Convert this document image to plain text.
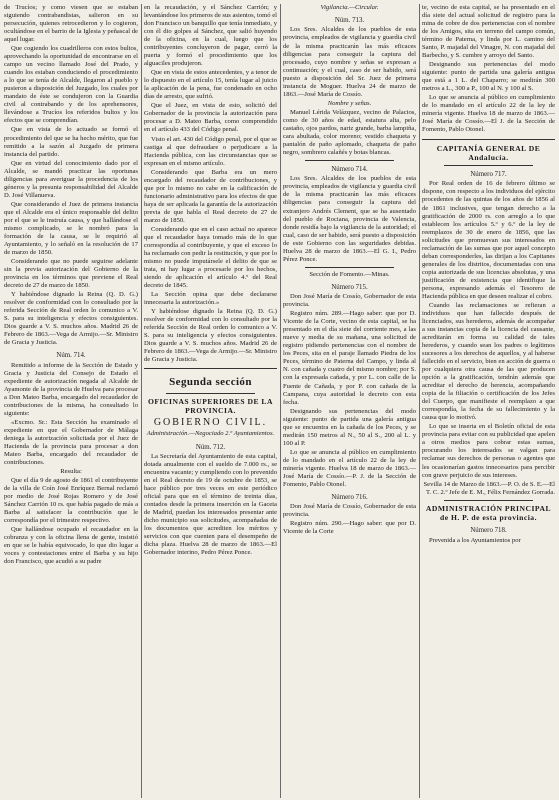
de Trucíos; y como viesen que se estaban siguiendo contrabandistas, salieron en su persecución, quienes retrocedieron y lo cogieron, ocultándose en el barrio de la Iglesia y peñascal de aquel lugar.

Que cogiendo los cuadrilleros con estos bultos, aprovechando la oportunidad de encontrarse en el campo un vecino llamado José del Prado, y cuando los estaban conduciendo el procedimiento a lo que se tenía de Alcalde, llegaron al pueblo y pusieron a disposición del Juzgado, los cuales por mandato de éste se condujeron con la Guardia civil al contrabando y de los aprehensores, llevándose a Trucíos los referidos bultos y los efectos que se comprendían.

Que en vista de lo actuado se formó el procedimiento del que se ha hecho mérito, que fue remitido a la sazón al Juzgado de primera instancia del partido.

Que en virtud del conocimiento dado por el Alcalde, se mandó practicar las oportunas diligencias para averiguar la procedencia de los géneros y la presunta responsabilidad del Alcalde D. José Villanueva.

Que considerando el Juez de primera instancia que el Alcalde era el único responsable del delito por el que se le instruía causa, y que hallándose el mismo complicado, se le nombró para la formación de la causa, se le requirió al Ayuntamiento, y lo señaló en la resolución de 17 de marzo de 1850.

Considerando que no puede seguirse adelante sin la previa autorización del Gobierno de la provincia en los términos que previene el Real decreto de 27 de marzo de 1850.

Y habiéndose dignado la Reina (Q. D. G.) resolver de conformidad con lo consultado por la referida Sección de Real orden lo comunico a V. S. para su inteligencia y efectos consiguientes. Dios guarde a V. S. muchos años. Madrid 26 de Febrero de 1863.—Vega de Armijo.—Sr. Ministro de Gracia y Justicia.

Núm. 714.

Remitido a informe de la Sección de Estado y Gracia y Justicia del Consejo de Estado el expediente de autorización negada al Alcalde de Ayamonte de la provincia de Huelva para procesar a Don Mateo Barba, encargado del recaudador de contribuciones de la misma, ha consultado lo siguiente:

«Excmo. Sr.: Esta Sección ha examinado el expediente en que el Gobernador de Málaga deniega la autorización solicitada por el Juez de Hacienda de la provincia para procesar a don Mateo Barba, encargado del recaudador de contribuciones.

Resulta:

Que el día 9 de agosto de 1861 el contribuyente de la villa de Coín José Enríquez Bernal reclamó por medio de José Rojas Romero y de José Sánchez Carrión 10 rs. que había pagado de más a Barba al satisfacer la contribución que le correspondía por el trimestre respectivo.

Que hallándose ocupado el recaudador en la cobranza y con la oficina llena de gente, insistió en que se le había equivocado, lo que dio lugar a voces y contestaciones entre el Barba y su hijo don Francisco, que acudió a su padre

en la recaudación, y el Sánchez Carrión; y levantándose los primeros de sus asientos, tomó el don Francisco un banquillo que tenía inmediato, y con él dio golpes al Sánchez, que salió huyendo de la oficina, en la cual, luego que los contribuyentes concluyeron de pagar, cerró la puerta y formó el procedimiento que los alguaciles produjeron.

Que en vista de estos antecedentes, y a tenor de lo dispuesto en el artículo 15, tenía lugar al juicio la aplicación de la pena, fue condenado en ocho días de arresto, que sufrió.

Que el Juez, en vista de esto, solicitó del Gobernador de la provincia la autorización para procesar a D. Mateo Barba, como comprendido en el artículo 433 del Código penal.

Visto el art. 430 del Código penal, por el que se castiga al que defraudare o perjudicare a la Hacienda pública, con las circunstancias que se expresan en el mismo artículo.

Considerando que Barba era un mero encargado del recaudador de contribuciones, y que por lo mismo no cabe en la calificación de funcionario administrativo para los efectos de que haya de ser aplicada la garantía de la autorización previa de que habla el Real decreto de 27 de marzo de 1850.

Considerando que en el caso actual no aparece que el recaudador haya tomado más de lo que correspondía al contribuyente, y que el exceso lo ha reclamado con pedir la restitución, y que por lo mismo no puede imputársele el delito de que se trata, ni hay lugar a procesarle por los hechos, siendo de aplicación el artículo 4.º del Real decreto de 1845.

La Sección opina que debe declararse innecesaria la autorización.»

Y habiéndose dignado la Reina (Q. D. G.) resolver de conformidad con lo consultado por la referida Sección de Real orden lo comunico a V. S. para su inteligencia y efectos consiguientes. Dios guarde a V. S. muchos años. Madrid 26 de Febrero de 1863.—Vega de Armijo.—Sr. Ministro de Gracia y Justicia.

Segunda sección
OFICINAS SUPERIORES DE LA PROVINCIA.
GOBIERNO CIVIL.

Administración.—Negociado 2.º Ayuntamientos.

Núm. 712.

La Secretaría del Ayuntamiento de esta capital, dotada anualmente con el sueldo de 7.000 rs., se encuentra vacante; y cumpliendo con lo prevenido en el Real decreto de 19 de octubre de 1853, se hace público por tres veces en este periódico oficial para que en el término de treinta días, contados desde la primera inserción en la Gaceta de Madrid, puedan los interesados presentar ante dicho municipio sus solicitudes, acompañadas de los documentos que acrediten los méritos y servicios con que cuenten para el desempeño de dicha plaza. Huelva 28 de marzo de 1863.—El Gobernador interino, Pedro Pérez Ponce.

Vigilancia.—Circular.

Núm. 713.

Los Sres. Alcaldes de los pueblos de esta provincia, empleados de vigilancia y guardia civil de la misma practicarán las más eficaces diligencias para conseguir la captura del procesado, cuyo nombre y señas se expresan a continuación; y el cual, caso de ser habido, será puesto a disposición del Sr. Juez de primera instancia de Moguer. Huelva 24 de marzo de 1863.—José María de Cossío.

Nombre y señas.

Manuel Lérida Velázquez, vecino de Palacios, como de 30 años de edad, estatura alta, pelo castaño, ojos pardos, nariz grande, barba lampiña, cara abultada, color moreno; vestido chaqueta y pantalón de paño aplomado, chaqueta de paño negro, sombrero calañés y botas blancas.

Número 714.

Los Sres. Alcaldes de los pueblos de esta provincia, empleados de vigilancia y guardia civil de la misma practicarán las más eficaces diligencias para conseguir la captura del extranjero Andrés Clement, que se ha ausentado del pueblo de Rociana, provincia de Valencia, donde residía bajo la vigilancia de la autoridad; el cual, caso de ser habido, será puesto a disposición de este Gobierno con las seguridades debidas. Huelva 28 de marzo de 1863.—El G. I., Pedro Pérez Ponce.

Sección de Fomento.—Minas.

Número 715.

Don José María de Cossío, Gobernador de esta provincia.

Registro núm. 289.—Hago saber: que por D. Vicente de la Corte, vecino de esta capital, se ha presentado en el día siete del corriente mes, a las nueve y media de su mañana, una solicitud de registro pidiendo pertenencias con el nombre de los Peces, sita en el paraje llamado Piedra de los Peces, término de Paterna del Campo, y linda al N. con cañada y cuatro del mismo nombre; por S. con la expresada cañada, y por L. con calle de la Fuente de Cañada, y por P. con cañada de la Campana, cuya autoridad le decreto con esta fecha.

Designando sus pertenencias del modo siguiente: punto de partida una galería antigua que se encuentra en la cañada de los Peces, y se medirán 150 metros al N., 50 al S., 200 al L. y 100 al P.

Lo que se anuncia al público en cumplimiento de lo mandado en el artículo 22 de la ley de minería vigente. Huelva 18 de marzo de 1863.—José María de Cossío.—P. J. de la Sección de Fomento, Pablo Otonel.

Número 716.

Don José María de Cossío, Gobernador de esta provincia.

Registro núm. 290.—Hago saber: que por D. Vicente de la Corte

te, vecino de esta capital, se ha presentado en el día siete del actual solicitud de registro para la mina de cobre de dos pertenencias con el nombre de los Amigos, sita en terreno del campo común, término de Paterna, y linda por L. camino del Santo, P. majadal del Vinagre, N. con majadal del Barbecho, y S. cumbre y arroyo del Santo.

Designando sus pertenencias del modo siguiente: punto de partida una galería antigua que está a 1 L. del Chaparro; se medirán 300 metros a L., 300 a P., 100 al N. y 100 al S.

Lo que se anuncia al público en cumplimiento de lo mandado en el artículo 22 de la ley de minería vigente. Huelva 18 de marzo de 1863.—José María de Cossío.—El J. de la Sección de Fomento, Pablo Otonel.

CAPITANÍA GENERAL DE Andalucía.
Número 717.

Por Real orden de 16 de febrero último se dispone, con respecto a los individuos del ejército procedentes de las quintas de los años de 1856 al de 1861 inclusives, que tengan derecho a la gratificación de 2000 rs. con arreglo a lo que establecen los artículos 5.º y 6.º de la ley de reemplazos de 30 de enero de 1856, que las solicitudes que promuevan sus interesados en reclamación de las sumas que por aquel concepto deban corresponderles, las dirijan a los Capitanes generales de los distritos, documentadas con una copia autorizada de sus licencias absolutas, y una justificación de existencia que identifique la persona, expresando además el Tesorero de Hacienda pública en que deseen realizar el cobro.

Cuando las reclamaciones se refieran a individuos que han fallecido después de licenciados, sus herederos, además de acompañar a sus instancias copia de la licencia del causante, acreditarán en forma su calidad de tales herederos, y cuando sean los padres o legítimos sucesores a los derechos de aquellos, y al haberse fallecido en el servicio, bien en acción de guerra o por cualquiera otra causa de las que producen opción a la gratificación, tendrán además que acreditar el derecho de herencia, acompañando copia de la filiación o certificación de los Jefes del Cuerpo, que manifieste el reemplazo a que correspondía, la fecha de su fallecimiento y la causa que lo motivó.

Lo que se inserta en el Boletín oficial de esta provincia para evitar con su publicidad que apelen a otros medios para cobrar estas sumas, procurando los interesados se valgan para reclamar sus derechos de personas o agentes que les ocasionarían gastos innecesarios para percibir con grave perjuicio de sus intereses.

Sevilla 14 de Marzo de 1863.—P. O. de S. E.—El T. C. 2.º Jefe de E. M., Félix Fernández Gorrada.

ADMINISTRACIÓN PRINCIPAL de H. P. de esta provincia.
Número 718.

Prevenida a los Ayuntamientos por
